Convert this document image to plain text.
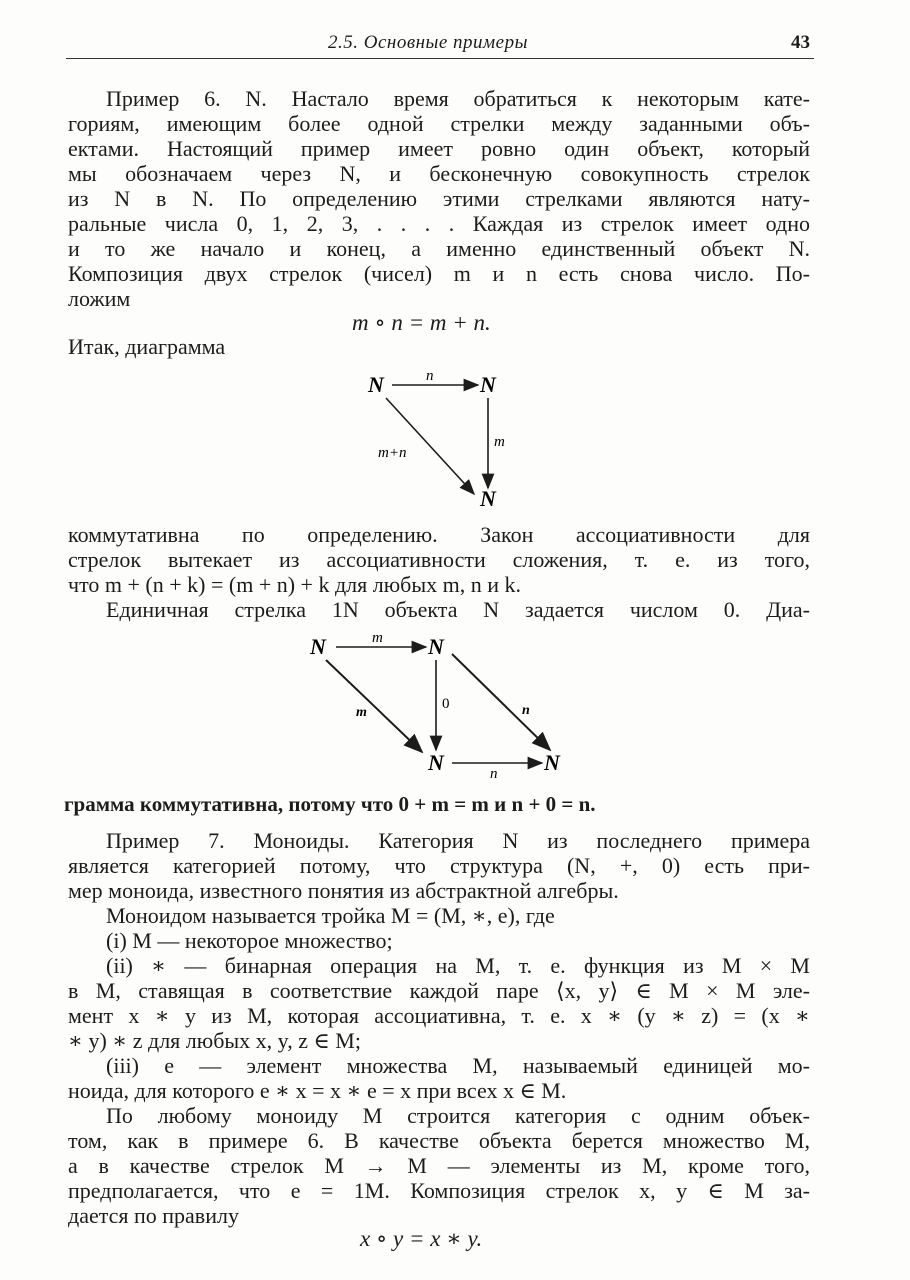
2.5. Основные примеры	43
Пример 6. N. Настало время обратиться к некоторым кате-
гориям, имеющим более одной стрелки между заданными объ-
ектами. Настоящий пример имеет ровно один объект, который
мы обозначаем через N, и бесконечную совокупность стрелок
из N в N. По определению этими стрелками являются нату-
ральные числа 0, 1, 2, 3, . . . . Каждая из стрелок имеет одно
и то же начало и конец, а именно единственный объект N.
Композиция двух стрелок (чисел) m и n есть снова число. По-
ложим
m ∘ n = m + n.
Итак, диаграмма
N	N
N
n
m
m+n
коммутативна по определению. Закон ассоциативности для
стрелок вытекает из ассоциативности сложения, т. е. из того,
что m + (n + k) = (m + n) + k для любых m, n и k.
Единичная стрелка 1N объекта N задается числом 0. Диа-
N	N
N	N
m
0
m	n
n
грамма коммутативна, потому что 0 + m = m и n + 0 = n.
Пример 7. Моноиды. Категория N из последнего примера
является категорией потому, что структура (N, +, 0) есть при-
мер моноида, известного понятия из абстрактной алгебры.
Моноидом называется тройка M = (M, ∗, e), где
(i) M — некоторое множество;
(ii) ∗ — бинарная операция на M, т. е. функция из M × M
в M, ставящая в соответствие каждой паре ⟨x, y⟩ ∈ M × M эле-
мент x ∗ y из M, которая ассоциативна, т. е. x ∗ (y ∗ z) = (x ∗
∗ y) ∗ z для любых x, y, z ∈ M;
(iii) e — элемент множества M, называемый единицей мо-
ноида, для которого e ∗ x = x ∗ e = x при всех x ∈ M.
По любому моноиду M строится категория с одним объек-
том, как в примере 6. В качестве объекта берется множество M,
а в качестве стрелок M → M — элементы из M, кроме того,
предполагается, что e = 1M. Композиция стрелок x, y ∈ M за-
дается по правилу
x ∘ y = x ∗ y.
